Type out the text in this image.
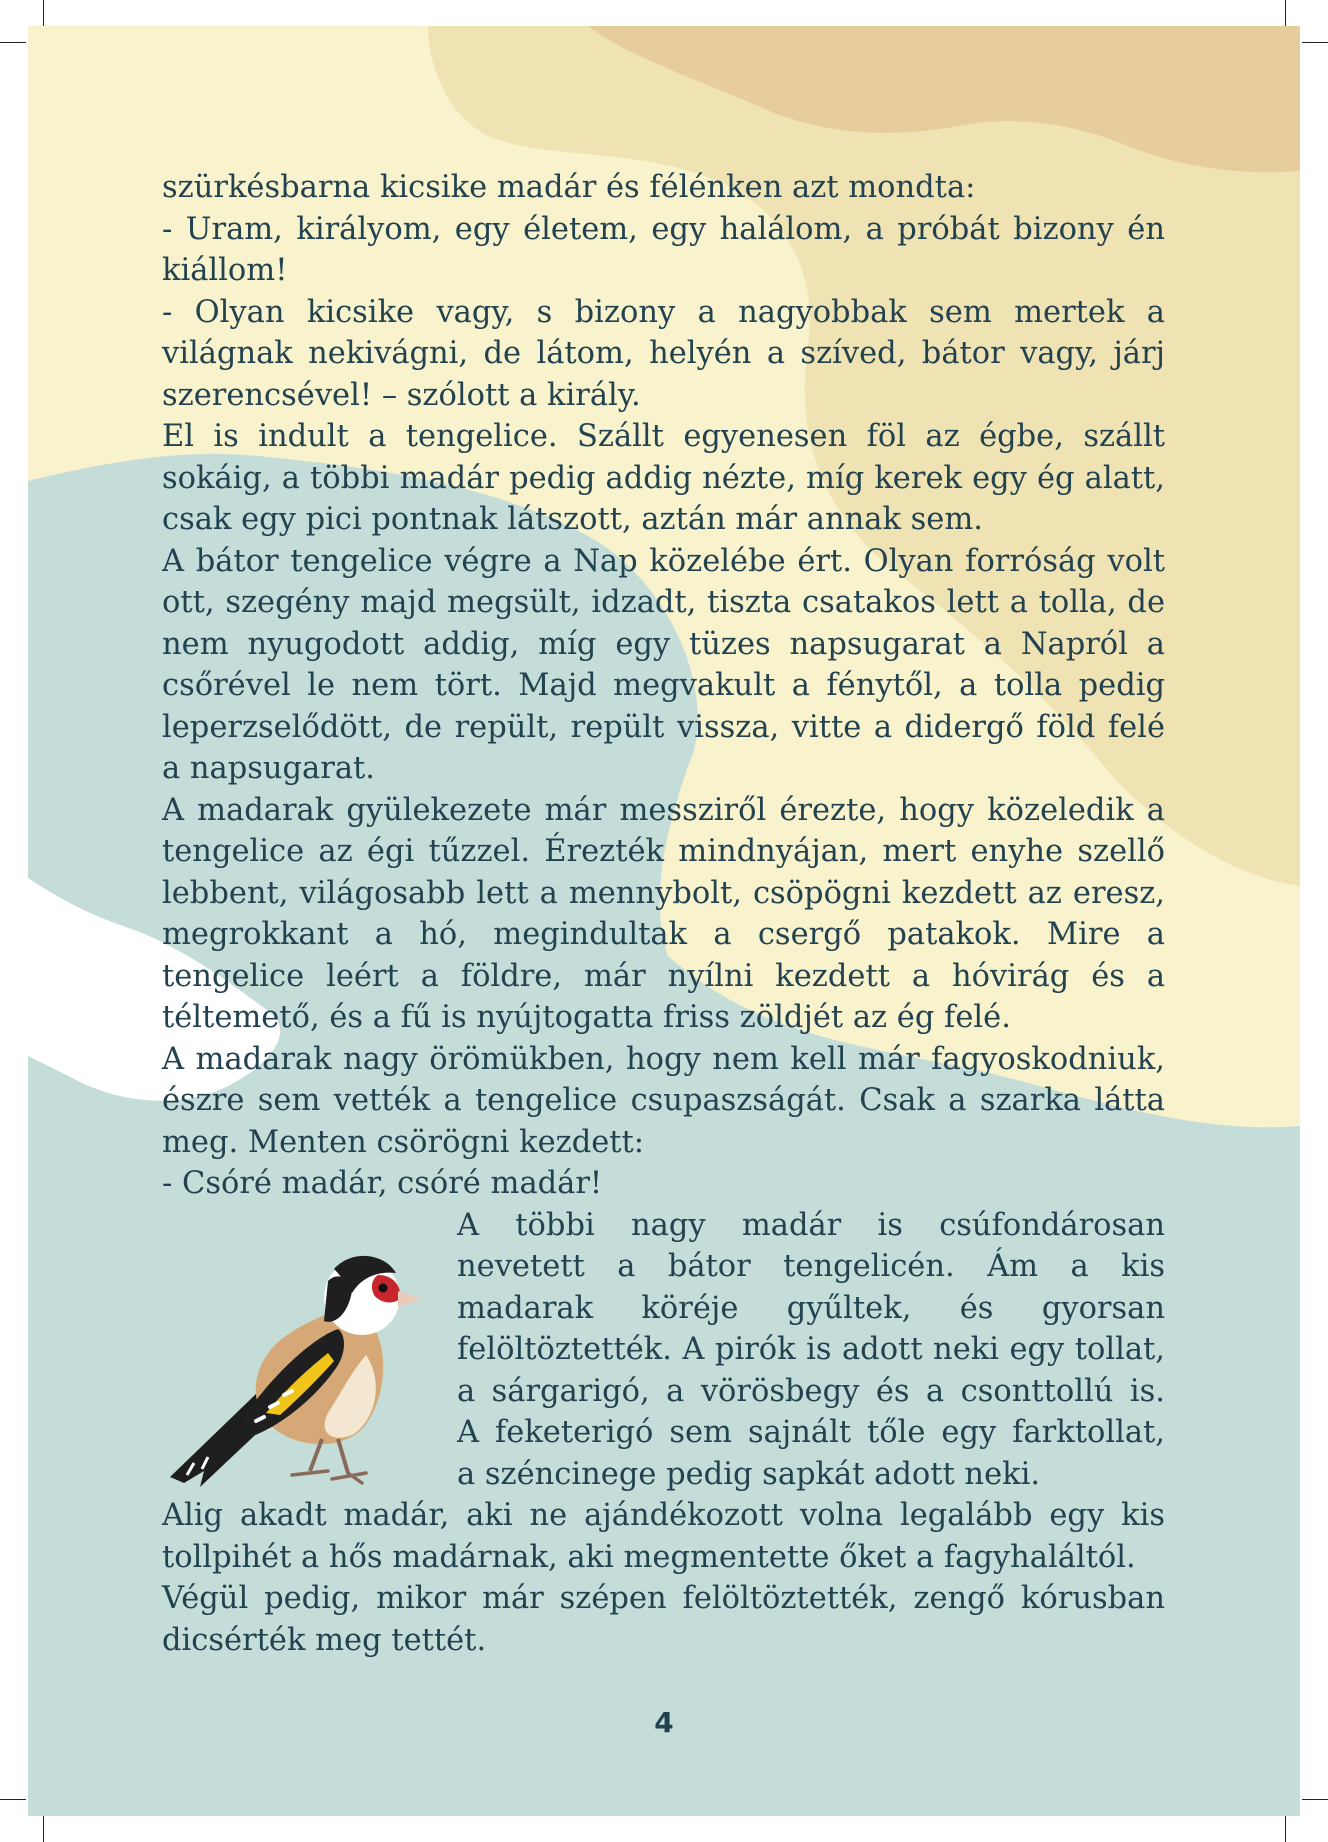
szürkésbarna kicsike madár és félénken azt mondta:

- Uram, királyom, egy életem, egy halálom, a próbát bizony én kiállom!

- Olyan kicsike vagy, s bizony a nagyobbak sem mertek a világnak nekivágni, de látom, helyén a szíved, bátor vagy, járj szerencsével! – szólott a király.

El is indult a tengelice. Szállt egyenesen föl az égbe, szállt sokáig, a többi madár pedig addig nézte, míg kerek egy ég alatt, csak egy pici pontnak látszott, aztán már annak sem.

A bátor tengelice végre a Nap közelébe ért. Olyan forróság volt ott, szegény majd megsült, idzadt, tiszta csatakos lett a tolla, de nem nyugodott addig, míg egy tüzes napsugarat a Napról a csőrével le nem tört. Majd megvakult a fénytől, a tolla pedig leperzselődött, de repült, repült vissza, vitte a didergő föld felé a napsugarat.

A madarak gyülekezete már messziről érezte, hogy közeledik a tengelice az égi tűzzel. Érezték mindnyájan, mert enyhe szellő lebbent, világosabb lett a mennybolt, csöpögni kezdett az eresz, megrokkant a hó, megindultak a csergő patakok. Mire a tengelice leért a földre, már nyílni kezdett a hóvirág és a téltemető, és a fű is nyújtogatta friss zöldjét az ég felé.

A madarak nagy örömükben, hogy nem kell már fagyoskodniuk, észre sem vették a tengelice csupaszságát. Csak a szarka látta meg. Menten csörögni kezdett:

- Csóré madár, csóré madár!

A többi nagy madár is csúfondárosan
nevetett a bátor tengelicén. Ám a kis
madarak köréje gyűltek, és gyorsan
felöltöztették. A pirók is adott neki egy tollat,
a sárgarigó, a vörösbegy és a csonttollú is.
A feketerigó sem sajnált tőle egy farktollat,
a széncinege pedig sapkát adott neki.

Alig akadt madár, aki ne ajándékozott volna legalább egy kis tollpihét a hős madárnak, aki megmentette őket a fagyhaláltól.

Végül pedig, mikor már szépen felöltöztették, zengő kórusban dicsérték meg tettét.

4
